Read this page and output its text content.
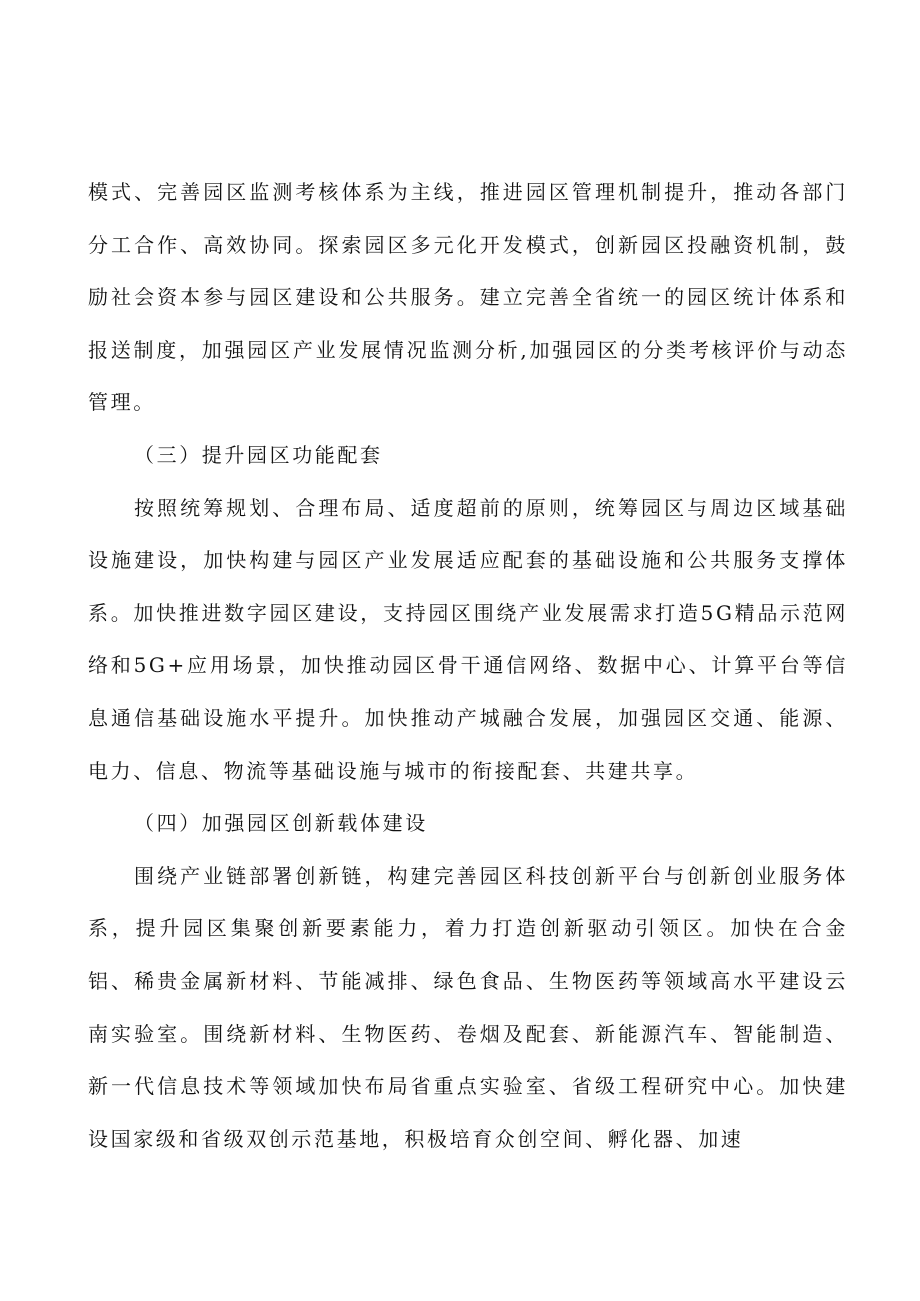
模式、完善园区监测考核体系为主线，推进园区管理机制提升，推动各部门分工合作、高效协同。探索园区多元化开发模式，创新园区投融资机制，鼓励社会资本参与园区建设和公共服务。建立完善全省统一的园区统计体系和报送制度，加强园区产业发展情况监测分析,加强园区的分类考核评价与动态管理。

（三）提升园区功能配套

按照统筹规划、合理布局、适度超前的原则，统筹园区与周边区域基础设施建设，加快构建与园区产业发展适应配套的基础设施和公共服务支撑体系。加快推进数字园区建设，支持园区围绕产业发展需求打造5G精品示范网络和5G+应用场景，加快推动园区骨干通信网络、数据中心、计算平台等信息通信基础设施水平提升。加快推动产城融合发展，加强园区交通、能源、电力、信息、物流等基础设施与城市的衔接配套、共建共享。

（四）加强园区创新载体建设

围绕产业链部署创新链，构建完善园区科技创新平台与创新创业服务体系，提升园区集聚创新要素能力，着力打造创新驱动引领区。加快在合金铝、稀贵金属新材料、节能减排、绿色食品、生物医药等领域高水平建设云南实验室。围绕新材料、生物医药、卷烟及配套、新能源汽车、智能制造、新一代信息技术等领域加快布局省重点实验室、省级工程研究中心。加快建设国家级和省级双创示范基地，积极培育众创空间、孵化器、加速
